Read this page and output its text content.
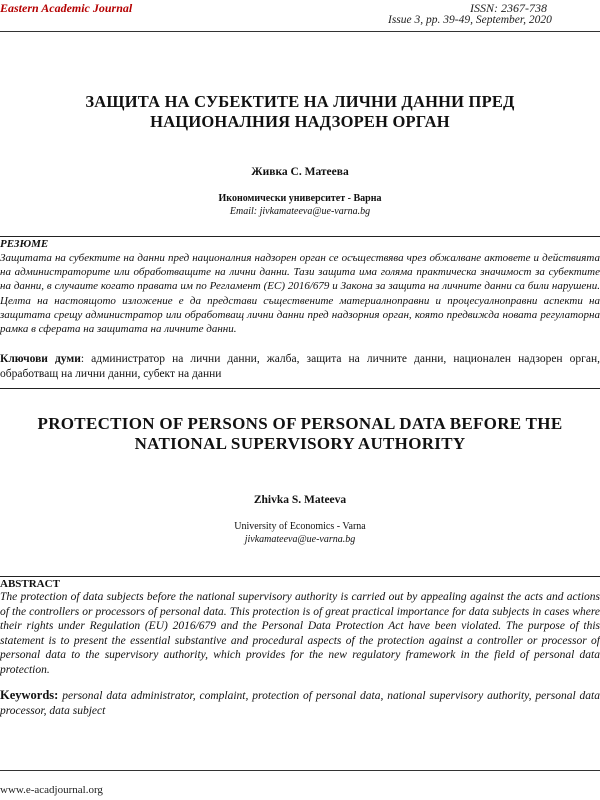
Eastern Academic Journal	ISSN: 2367-738
Issue 3, pp. 39-49, September, 2020
ЗАЩИТА НА СУБЕКТИТЕ НА ЛИЧНИ ДАННИ ПРЕД
НАЦИОНАЛНИЯ НАДЗОРЕН ОРГАН
Живка С. Матеева
Икономически университет - Варна
Email: jivkamateeva@ue-varna.bg
РЕЗЮМЕ
Защитата на субектите на данни пред националния надзорен орган се осъществява чрез обжалване актовете и действията на администраторите или обработващите на лични данни. Тази защита има голяма практическа значимост за субектите на данни, в случаите когато правата им по Регламент (ЕС) 2016/679 и Закона за защита на личните данни са били нарушени. Целта на настоящото изложение е да представи съществените материалноправни и процесуалноправни аспекти на защитата срещу администратор или обработващ лични данни пред надзорния орган, която предвижда новата регулаторна рамка в сферата на защитата на личните данни.
Ключови думи: администратор на лични данни, жалба, защита на личните данни, национален надзорен орган, обработващ на лични данни, субект на данни
PROTECTION OF PERSONS OF PERSONAL DATA BEFORE THE
NATIONAL SUPERVISORY AUTHORITY
Zhivka S. Mateeva
University of Economics - Varna
jivkamateeva@ue-varna.bg
ABSTRACT
The protection of data subjects before the national supervisory authority is carried out by appealing against the acts and actions of the controllers or processors of personal data. This protection is of great practical importance for data subjects in cases where their rights under Regulation (EU) 2016/679 and the Personal Data Protection Act have been violated. The purpose of this statement is to present the essential substantive and procedural aspects of the protection against a controller or processor of personal data to the supervisory authority, which provides for the new regulatory framework in the field of personal data protection.
Keywords: personal data administrator, complaint, protection of personal data, national supervisory authority, personal data processor, data subject
www.e-acadjournal.org
